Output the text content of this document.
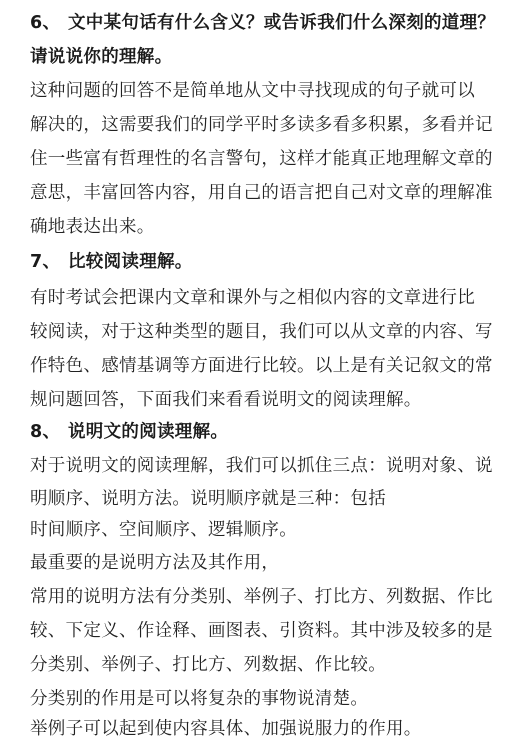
6、 文中某句话有什么含义？或告诉我们什么深刻的道理？
请说说你的理解。
这种问题的回答不是简单地从文中寻找现成的句子就可以
解决的，这需要我们的同学平时多读多看多积累，多看并记
住一些富有哲理性的名言警句，这样才能真正地理解文章的
意思，丰富回答内容，用自己的语言把自己对文章的理解准
确地表达出来。
7、 比较阅读理解。
有时考试会把课内文章和课外与之相似内容的文章进行比
较阅读，对于这种类型的题目，我们可以从文章的内容、写
作特色、感情基调等方面进行比较。以上是有关记叙文的常
规问题回答，下面我们来看看说明文的阅读理解。
8、 说明文的阅读理解。
对于说明文的阅读理解，我们可以抓住三点：说明对象、说
明顺序、说明方法。说明顺序就是三种：包括
时间顺序、空间顺序、逻辑顺序。
最重要的是说明方法及其作用，
常用的说明方法有分类别、举例子、打比方、列数据、作比
较、下定义、作诠释、画图表、引资料。其中涉及较多的是
分类别、举例子、打比方、列数据、作比较。
分类别的作用是可以将复杂的事物说清楚。
举例子可以起到使内容具体、加强说服力的作用。
